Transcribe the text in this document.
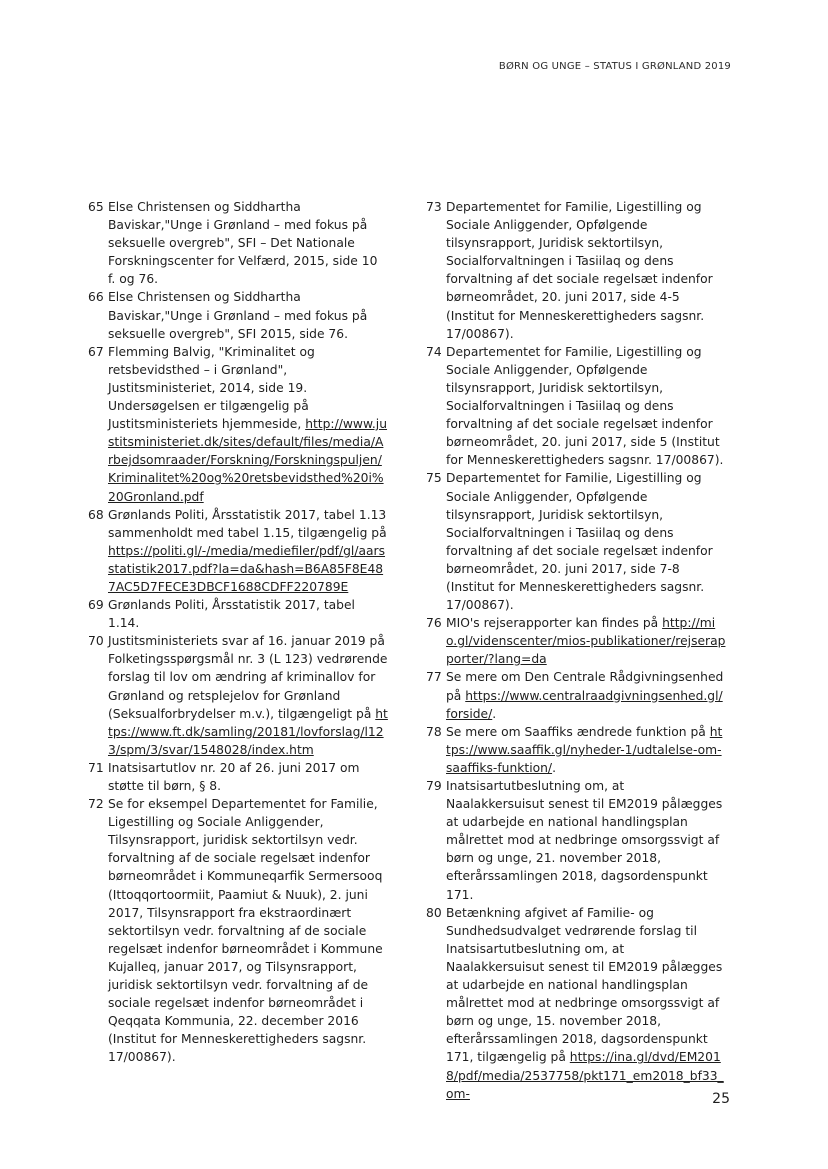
BØRN OG UNGE – STATUS I GRØNLAND 2019
65 Else Christensen og Siddhartha Baviskar,"Unge i Grønland – med fokus på seksuelle overgreb", SFI – Det Nationale Forskningscenter for Velfærd, 2015, side 10 f. og 76.
66 Else Christensen og Siddhartha Baviskar,"Unge i Grønland – med fokus på seksuelle overgreb", SFI 2015, side 76.
67 Flemming Balvig, "Kriminalitet og retsbevidsthed – i Grønland", Justitsministeriet, 2014, side 19. Undersøgelsen er tilgængelig på Justitsministeriets hjemmeside, http://www.justitsministeriet.dk/sites/default/files/media/Arbejdsomraader/Forskning/Forskningspuljen/Kriminalitet%20og%20retsbevidsthed%20i%20Gronland.pdf
68 Grønlands Politi, Årsstatistik 2017, tabel 1.13 sammenholdt med tabel 1.15, tilgængelig på https://politi.gl/-/media/mediefiler/pdf/gl/aarsstatistik2017.pdf?la=da&hash=B6A85F8E487AC5D7FECE3DBCF1688CDFF220789E
69 Grønlands Politi, Årsstatistik 2017, tabel 1.14.
70 Justitsministeriets svar af 16. januar 2019 på Folketingsspørgsmål nr. 3 (L 123) vedrørende forslag til lov om ændring af kriminallov for Grønland og retsplejelov for Grønland (Seksualforbrydelser m.v.), tilgængeligt på https://www.ft.dk/samling/20181/lovforslag/l123/spm/3/svar/1548028/index.htm
71 Inatsisartutlov nr. 20 af 26. juni 2017 om støtte til børn, § 8.
72 Se for eksempel Departementet for Familie, Ligestilling og Sociale Anliggender, Tilsynsrapport, juridisk sektortilsyn vedr. forvaltning af de sociale regelsæt indenfor børneområdet i Kommuneqarfik Sermersooq (Ittoqqortoormiit, Paamiut & Nuuk), 2. juni 2017, Tilsynsrapport fra ekstraordinært sektortilsyn vedr. forvaltning af de sociale regelsæt indenfor børneområdet i Kommune Kujalleq, januar 2017, og Tilsynsrapport, juridisk sektortilsyn vedr. forvaltning af de sociale regelsæt indenfor børneområdet i Qeqqata Kommunia, 22. december 2016 (Institut for Menneskerettigheders sagsnr. 17/00867).
73 Departementet for Familie, Ligestilling og Sociale Anliggender, Opfølgende tilsynsrapport, Juridisk sektortilsyn, Socialforvaltningen i Tasiilaq og dens forvaltning af det sociale regelsæt indenfor børneområdet, 20. juni 2017, side 4-5 (Institut for Menneskerettigheders sagsnr. 17/00867).
74 Departementet for Familie, Ligestilling og Sociale Anliggender, Opfølgende tilsynsrapport, Juridisk sektortilsyn, Socialforvaltningen i Tasiilaq og dens forvaltning af det sociale regelsæt indenfor børneområdet, 20. juni 2017, side 5 (Institut for Menneskerettigheders sagsnr. 17/00867).
75 Departementet for Familie, Ligestilling og Sociale Anliggender, Opfølgende tilsynsrapport, Juridisk sektortilsyn, Socialforvaltningen i Tasiilaq og dens forvaltning af det sociale regelsæt indenfor børneområdet, 20. juni 2017, side 7-8 (Institut for Menneskerettigheders sagsnr. 17/00867).
76 MIO's rejserapporter kan findes på http://mio.gl/videnscenter/mios-publikationer/rejserapporter/?lang=da
77 Se mere om Den Centrale Rådgivningsenhed på https://www.centralraadgivningsenhed.gl/forside/.
78 Se mere om Saaffiks ændrede funktion på https://www.saaffik.gl/nyheder-1/udtalelse-om-saaffiks-funktion/.
79 Inatsisartutbeslutning om, at Naalakkersuisut senest til EM2019 pålægges at udarbejde en national handlingsplan målrettet mod at nedbringe omsorgssvigt af børn og unge, 21. november 2018, efterårssamlingen 2018, dagsordenspunkt 171.
80 Betænkning afgivet af Familie- og Sundhedsudvalget vedrørende forslag til Inatsisartutbeslutning om, at Naalakkersuisut senest til EM2019 pålægges at udarbejde en national handlingsplan målrettet mod at nedbringe omsorgssvigt af børn og unge, 15. november 2018, efterårssamlingen 2018, dagsordenspunkt 171, tilgængelig på https://ina.gl/dvd/EM2018/pdf/media/2537758/pkt171_em2018_bf33_om-	25
